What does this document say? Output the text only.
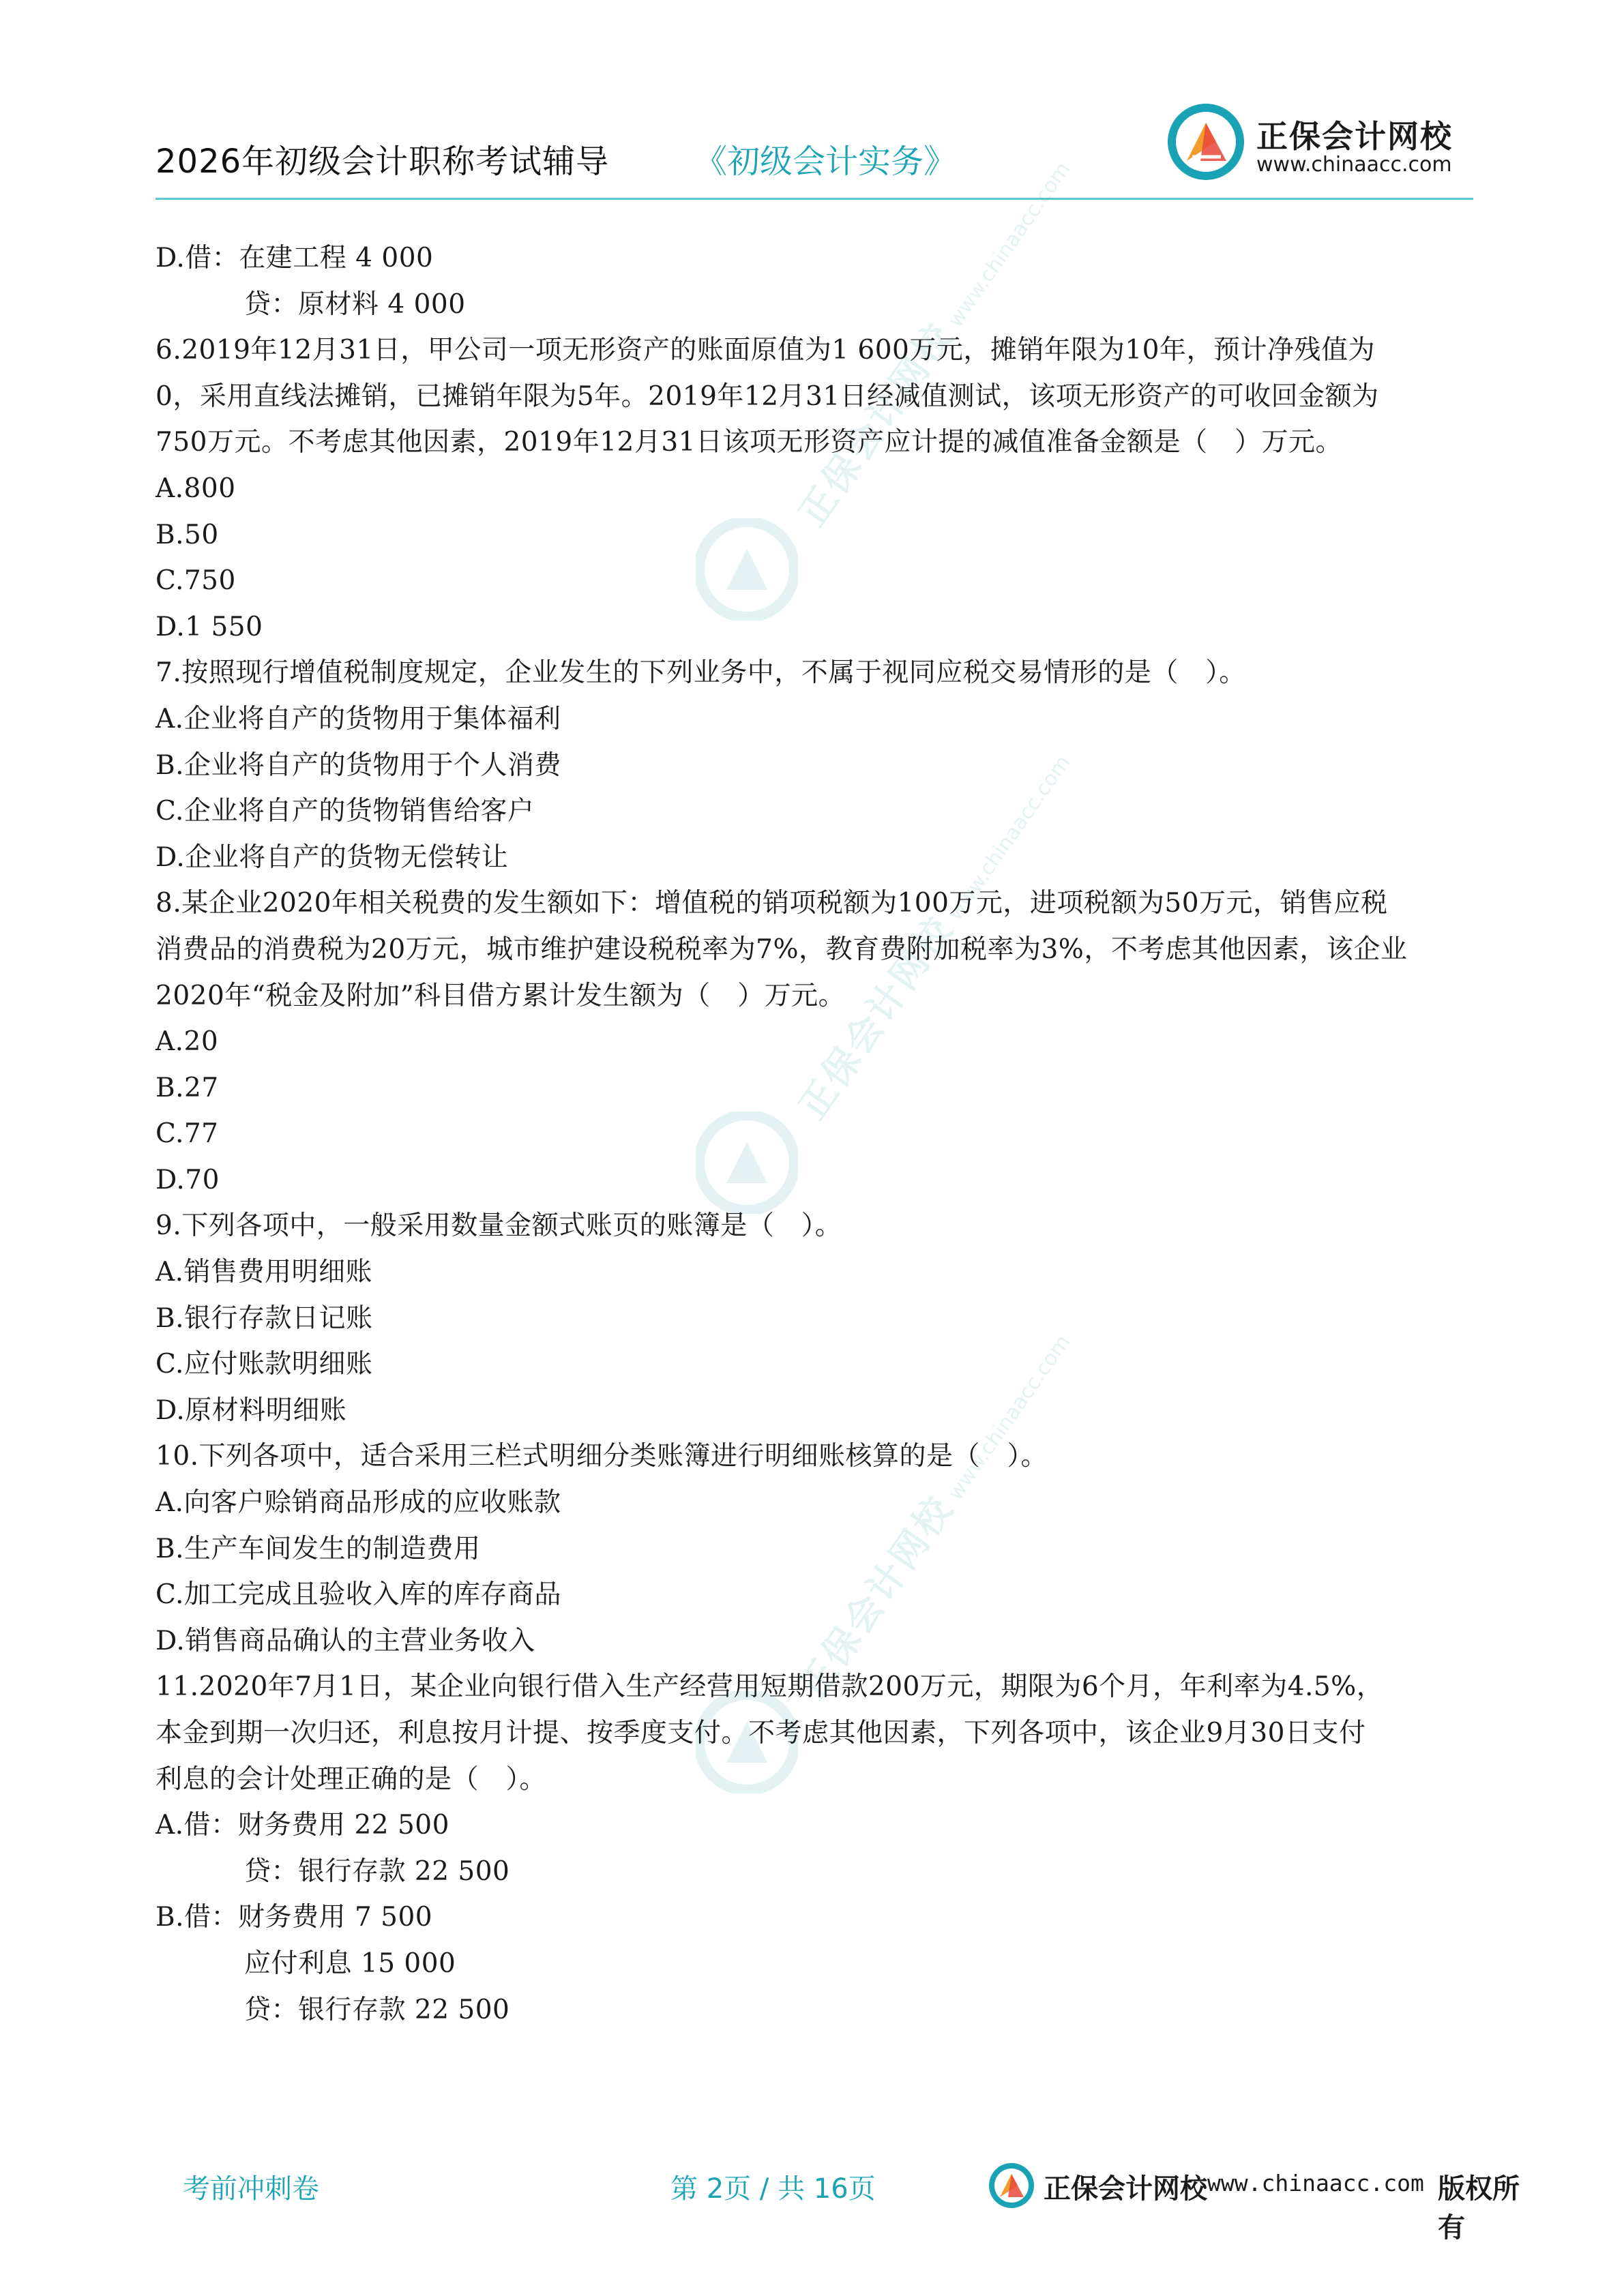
2026年初级会计职称考试辅导	《初级会计实务》
正保会计网校
www.chinaacc.com
正保会计网校www.chinaacc.com
正保会计网校www.chinaacc.com
正保会计网校www.chinaacc.com
D.借：在建工程 4 000
贷：原材料 4 000
6.2019年12月31日，甲公司一项无形资产的账面原值为1 600万元，摊销年限为10年，预计净残值为
0，采用直线法摊销，已摊销年限为5年。2019年12月31日经减值测试，该项无形资产的可收回金额为
750万元。不考虑其他因素，2019年12月31日该项无形资产应计提的减值准备金额是（　）万元。
A.800
B.50
C.750
D.1 550
7.按照现行增值税制度规定，企业发生的下列业务中，不属于视同应税交易情形的是（　）。
A.企业将自产的货物用于集体福利
B.企业将自产的货物用于个人消费
C.企业将自产的货物销售给客户
D.企业将自产的货物无偿转让
8.某企业2020年相关税费的发生额如下：增值税的销项税额为100万元，进项税额为50万元，销售应税
消费品的消费税为20万元，城市维护建设税税率为7%，教育费附加税率为3%，不考虑其他因素，该企业
2020年“税金及附加”科目借方累计发生额为（　）万元。
A.20
B.27
C.77
D.70
9.下列各项中，一般采用数量金额式账页的账簿是（　）。
A.销售费用明细账
B.银行存款日记账
C.应付账款明细账
D.原材料明细账
10.下列各项中，适合采用三栏式明细分类账簿进行明细账核算的是（　）。
A.向客户赊销商品形成的应收账款
B.生产车间发生的制造费用
C.加工完成且验收入库的库存商品
D.销售商品确认的主营业务收入
11.2020年7月1日，某企业向银行借入生产经营用短期借款200万元，期限为6个月，年利率为4.5%，
本金到期一次归还，利息按月计提、按季度支付。不考虑其他因素，下列各项中，该企业9月30日支付
利息的会计处理正确的是（　）。
A.借：财务费用 22 500
贷：银行存款 22 500
B.借：财务费用 7 500
应付利息 15 000
贷：银行存款 22 500
考前冲刺卷	第 2页 / 共 16页	正保会计网校 www.chinaacc.com 版权所有
